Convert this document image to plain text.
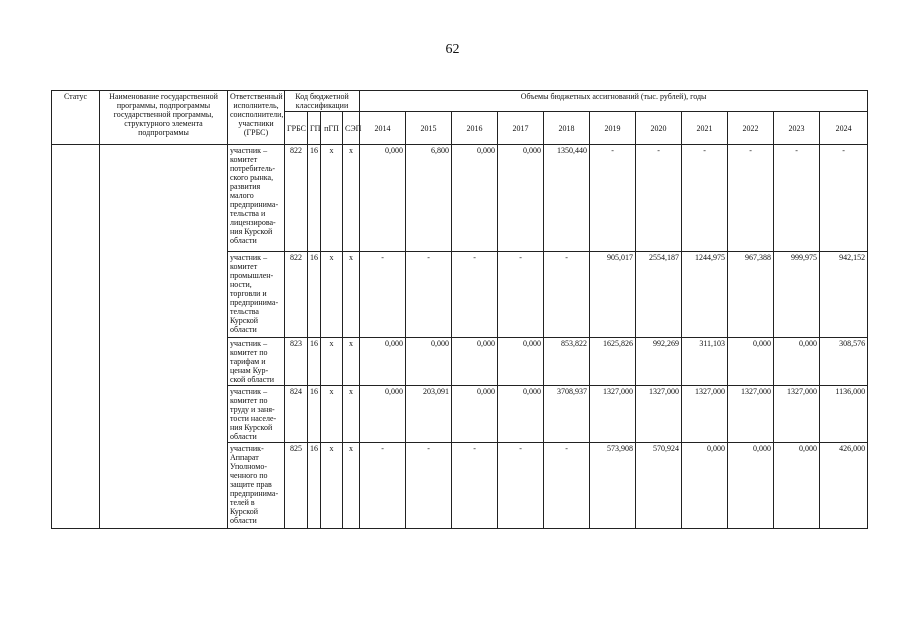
62
Статус	Наименование государственной программы, подпрограммы государственной программы, структурного элемента подпрограммы	Ответственный исполнитель, соисполнители, участники (ГРБС)	Код бюджетной классификации				Объемы бюджетных ассигнований (тыс. рублей), годы										
			ГРБС	ГП	пГП	СЭП	2014	2015	2016	2017	2018	2019	2020	2021	2022	2023	2024
		участник – комитет потребитель-ского рынка, развития малого предпринима-тельства и лицензирова-ния Курской области	822	16	х	х	0,000	6,800	0,000	0,000	1350,440	-	-	-	-	-	-
		участник – комитет промышлен-ности, торговли и предпринима-тельства Курской области	822	16	х	х	-	-	-	-	-	905,017	2554,187	1244,975	967,388	999,975	942,152
		участник – комитет по тарифам и ценам Кур-ской области	823	16	х	х	0,000	0,000	0,000	0,000	853,822	1625,826	992,269	311,103	0,000	0,000	308,576
		участник – комитет по труду и заня-тости населе-ния Курской области	824	16	х	х	0,000	203,091	0,000	0,000	3708,937	1327,000	1327,000	1327,000	1327,000	1327,000	1136,000
		участник-Аппарат Уполномо-ченного по защите прав предпринима-телей в Курской области	825	16	х	х	-	-	-	-	-	573,908	570,924	0,000	0,000	0,000	426,000
